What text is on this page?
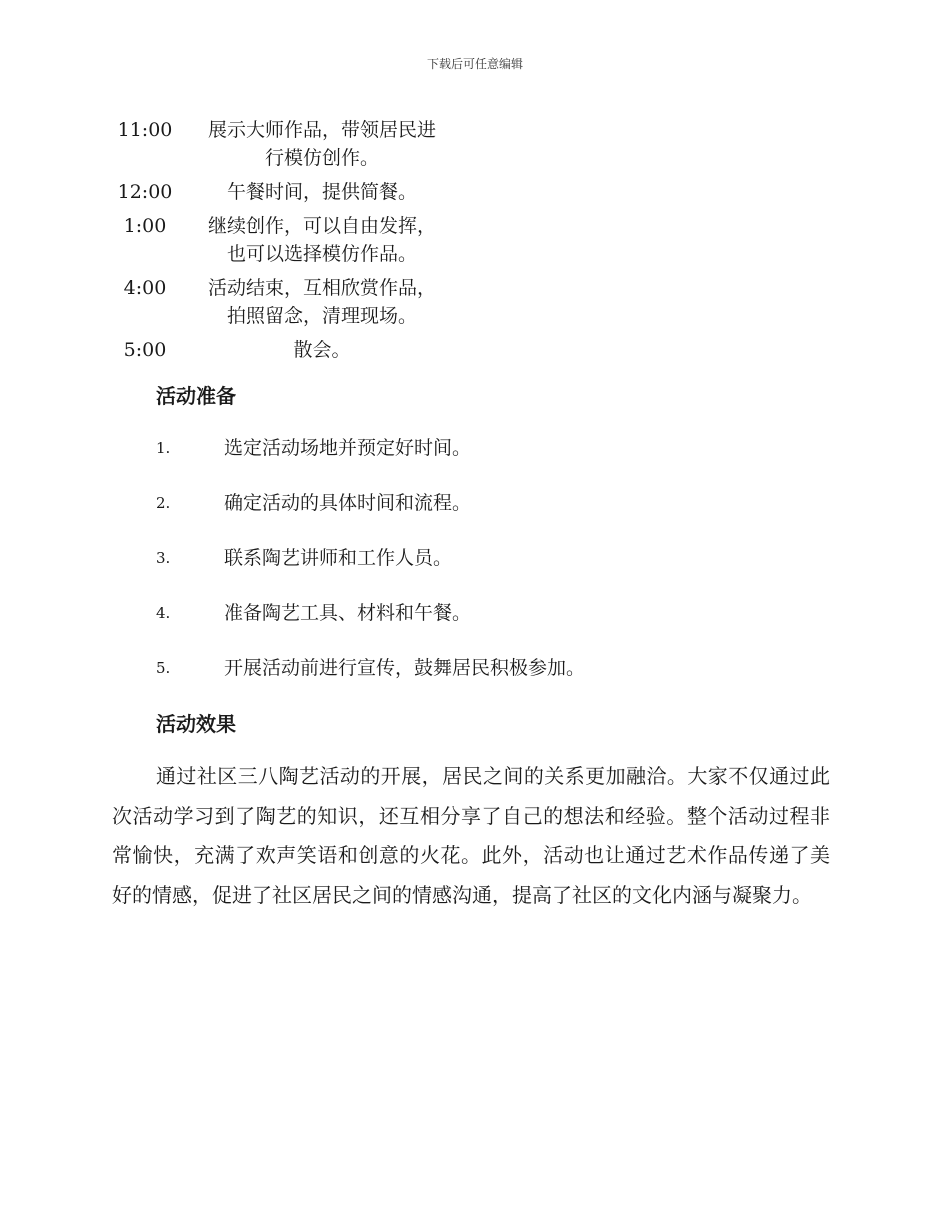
下载后可任意编辑
11:00	展示大师作品，带领居民进
行模仿创作。
12:00	午餐时间，提供简餐。
1:00	继续创作，可以自由发挥，
也可以选择模仿作品。
4:00	活动结束，互相欣赏作品，
拍照留念，清理现场。
5:00	散会。
活动准备
1.	选定活动场地并预定好时间。
2.	确定活动的具体时间和流程。
3.	联系陶艺讲师和工作人员。
4.	准备陶艺工具、材料和午餐。
5.	开展活动前进行宣传，鼓舞居民积极参加。
活动效果

通过社区三八陶艺活动的开展，居民之间的关系更加融洽。大家不仅通过此次活动学习到了陶艺的知识，还互相分享了自己的想法和经验。整个活动过程非常愉快，充满了欢声笑语和创意的火花。此外，活动也让通过艺术作品传递了美好的情感，促进了社区居民之间的情感沟通，提高了社区的文化内涵与凝聚力。
